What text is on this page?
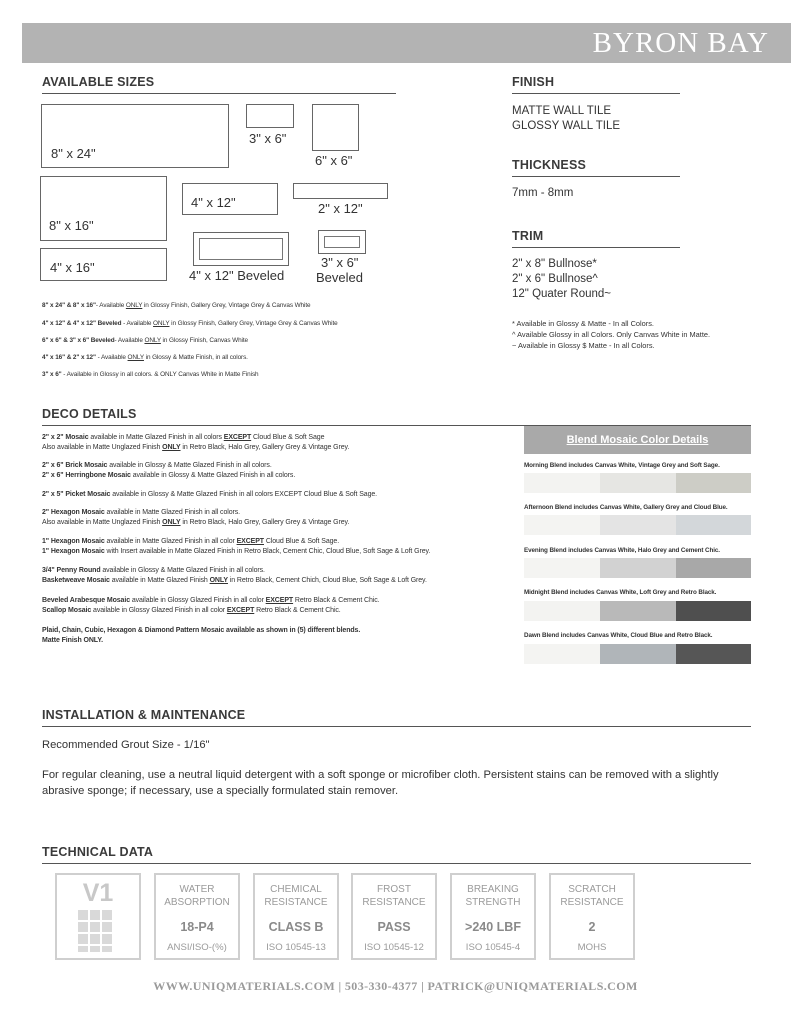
BYRON BAY
AVAILABLE SIZES
8" x 24"
3" x 6"
6" x 6"
8" x 16"
4" x 12"	2" x 12"
4" x 16"
4" x 12" Beveled
3" x 6"
Beveled
8" x 24" & 8" x 16"- Available ONLY in Glossy Finish, Gallery Grey, Vintage Grey & Canvas White
4" x 12" & 4" x 12" Beveled - Available ONLY in Glossy Finish, Gallery Grey, Vintage Grey & Canvas White
6" x 6" & 3" x 6" Beveled- Available ONLY in Glossy Finish, Canvas White
4" x 16" & 2" x 12" - Available ONLY in Glossy & Matte Finish, in all colors.
3" x 6" - Available in Glossy in all colors. & ONLY Canvas White in Matte Finish
FINISH
MATTE WALL TILE
GLOSSY WALL TILE
THICKNESS
7mm - 8mm
TRIM
2" x 8" Bullnose*
2" x 6" Bullnose^
12" Quater Round~
* Available in Glossy & Matte - In all Colors.
^ Available Glossy in all Colors. Only Canvas White in Matte.
~ Available in Glossy $ Matte - In all Colors.
DECO DETAILS
2" x 2" Mosaic available in Matte Glazed Finish in all colors EXCEPT Cloud Blue & Soft Sage
Also available in Matte Unglazed Finish ONLY in Retro Black, Halo Grey, Gallery Grey & Vintage Grey.
2" x 6" Brick Mosaic available in Glossy & Matte Glazed Finish in all colors.
2" x 6" Herringbone Mosaic available in Glossy & Matte Glazed Finish in all colors.
2" x 5" Picket Mosaic available in Glossy & Matte Glazed Finish in all colors EXCEPT Cloud Blue & Soft Sage.
2" Hexagon Mosaic available in Matte Glazed Finish in all colors.
Also available in Matte Unglazed Finish ONLY in Retro Black, Halo Grey, Gallery Grey & Vintage Grey.
1" Hexagon Mosaic available in Matte Glazed Finish in all color EXCEPT Cloud Blue & Soft Sage.
1" Hexagon Mosaic with Insert available in Matte Glazed Finish in Retro Black, Cement Chic, Cloud Blue, Soft Sage & Loft Grey.
3/4" Penny Round available in Glossy & Matte Glazed Finish in all colors.
Basketweave Mosaic available in Matte Glazed Finish ONLY in Retro Black, Cement Chich, Cloud Blue, Soft Sage & Loft Grey.
Beveled Arabesque Mosaic available in Glossy Glazed Finish in all color EXCEPT Retro Black & Cement Chic.
Scallop Mosaic available in Glossy Glazed Finish in all color EXCEPT Retro Black & Cement Chic.
Plaid, Chain, Cubic, Hexagon & Diamond Pattern Mosaic available as shown in (5) different blends.
Matte Finish ONLY.
Blend Mosaic Color Details
Morning Blend includes Canvas White, Vintage Grey and Soft Sage.
Afternoon Blend includes Canvas White, Gallery Grey and Cloud Blue.
Evening Blend includes Canvas White, Halo Grey and Cement Chic.
Midnight Blend includes Canvas White, Loft Grey and Retro Black.
Dawn Blend includes Canvas White, Cloud Blue and Retro Black.
INSTALLATION & MAINTENANCE
Recommended Grout Size - 1/16"
For regular cleaning, use a neutral liquid detergent with a soft sponge or microfiber cloth. Persistent stains can be removed with a slightly abrasive sponge; if necessary, use a specially formulated stain remover.
TECHNICAL DATA
V1	WATER
ABSORPTION
18-P4
ANSI/ISO-(%)
CHEMICAL
RESISTANCE
CLASS B
ISO 10545-13
FROST
RESISTANCE
PASS
ISO 10545-12
BREAKING
STRENGTH
>240 LBF
ISO 10545-4
SCRATCH
RESISTANCE
2
MOHS
WWW.UNIQMATERIALS.COM | 503-330-4377 | PATRICK@UNIQMATERIALS.COM
